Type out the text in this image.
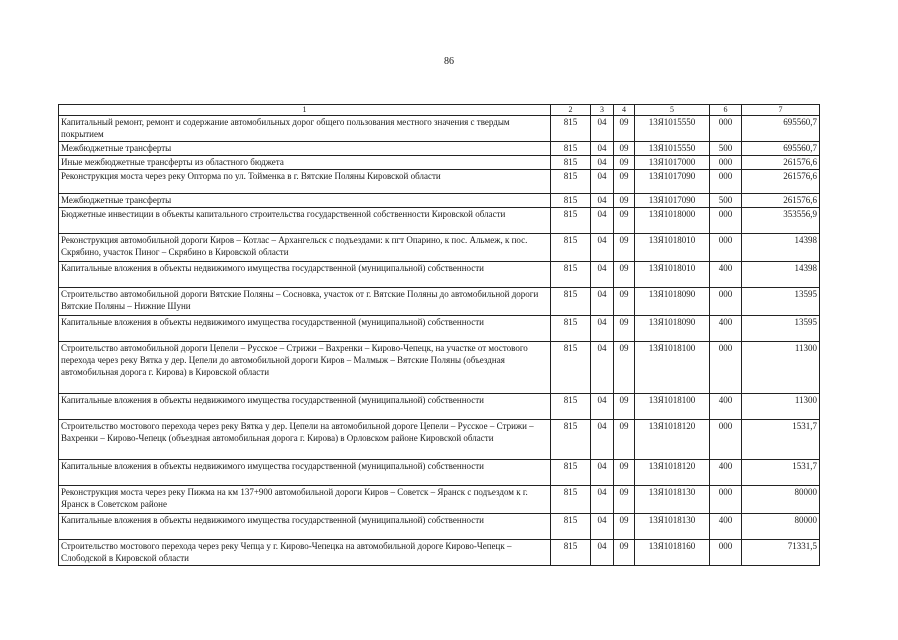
86
1	2	3	4	5	6	7
Капитальный ремонт, ремонт и содержание автомобильных дорог общего пользования местного значения с твердым покрытием	815	04	09	13Я1015550	000	695560,7
Межбюджетные трансферты	815	04	09	13Я1015550	500	695560,7
Иные межбюджетные трансферты из областного бюджета	815	04	09	13Я1017000	000	261576,6
Реконструкция моста через реку Опторма по ул. Тойменка в г. Вятские Поляны Кировской области	815	04	09	13Я1017090	000	261576,6
Межбюджетные трансферты	815	04	09	13Я1017090	500	261576,6
Бюджетные инвестиции в объекты капитального строительства государственной собственности Кировской области	815	04	09	13Я1018000	000	353556,9
Реконструкция автомобильной дороги Киров – Котлас – Архангельск с подъездами: к пгт Опарино, к пос. Альмеж, к пос. Скрябино, участок Пиног – Скрябино в Кировской области	815	04	09	13Я1018010	000	14398
Капитальные вложения в объекты недвижимого имущества государственной (муниципальной) собственности	815	04	09	13Я1018010	400	14398
Строительство автомобильной дороги Вятские Поляны – Сосновка, участок от г. Вятские Поляны до автомобильной дороги Вятские Поляны – Нижние Шуни	815	04	09	13Я1018090	000	13595
Капитальные вложения в объекты недвижимого имущества государственной (муниципальной) собственности	815	04	09	13Я1018090	400	13595
Строительство автомобильной дороги Цепели – Русское – Стрижи – Вахренки – Кирово-Чепецк, на участке от мостового перехода через реку Вятка у дер. Цепели до автомобильной дороги Киров – Малмыж – Вятские Поляны (объездная автомобильная дорога г. Кирова) в Кировской области	815	04	09	13Я1018100	000	11300
Капитальные вложения в объекты недвижимого имущества государственной (муниципальной) собственности	815	04	09	13Я1018100	400	11300
Строительство мостового перехода через реку Вятка у дер. Цепели на автомобильной дороге Цепели – Русское – Стрижи – Вахренки – Кирово-Чепецк (объездная автомобильная дорога г. Кирова) в Орловском районе Кировской области	815	04	09	13Я1018120	000	1531,7
Капитальные вложения в объекты недвижимого имущества государственной (муниципальной) собственности	815	04	09	13Я1018120	400	1531,7
Реконструкция моста через реку Пижма на км 137+900 автомобильной дороги Киров – Советск – Яранск с подъездом к г. Яранск в Советском районе	815	04	09	13Я1018130	000	80000
Капитальные вложения в объекты недвижимого имущества государственной (муниципальной) собственности	815	04	09	13Я1018130	400	80000
Строительство мостового перехода через реку Чепца у г. Кирово-Чепецка на автомобильной дороге Кирово-Чепецк – Слободской в Кировской области	815	04	09	13Я1018160	000	71331,5
